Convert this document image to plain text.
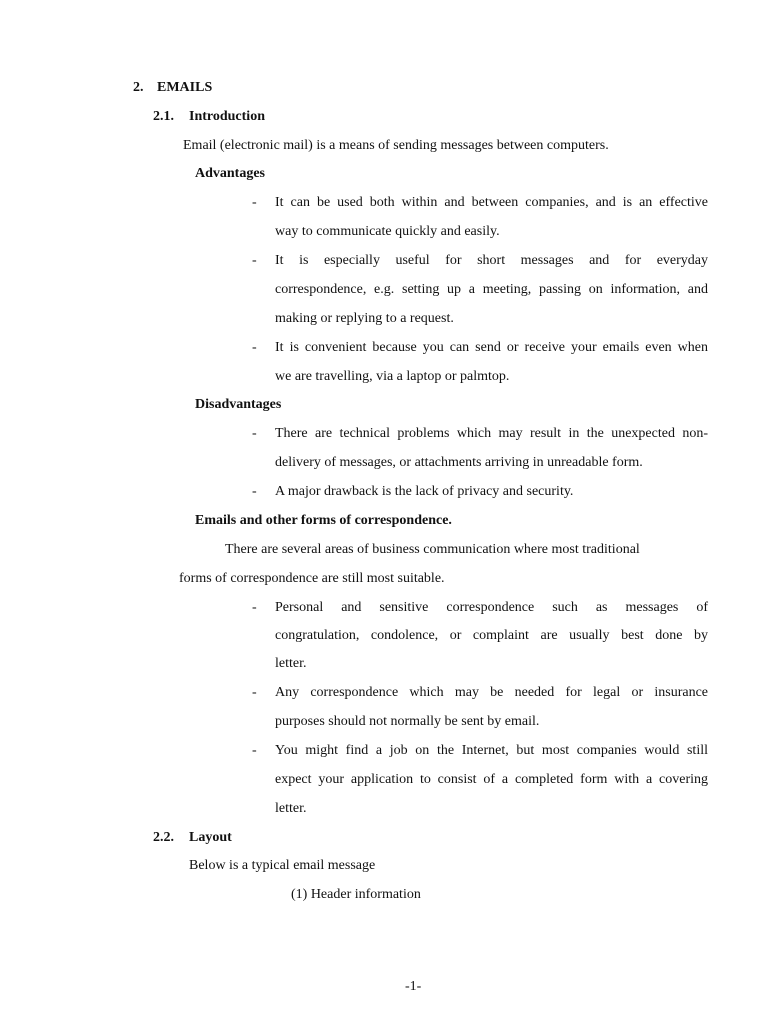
2. EMAILS
2.1. Introduction
Email (electronic mail) is a means of sending messages between computers.
Advantages
- It can be used both within and between companies, and is an effective
way to communicate quickly and easily.
- It is especially useful for short messages and for everyday
correspondence, e.g. setting up a meeting, passing on information, and
making or replying to a request.
- It is convenient because you can send or receive your emails even when
we are travelling, via a laptop or palmtop.
Disadvantages
- There are technical problems which may result in the unexpected non-
delivery of messages, or attachments arriving in unreadable form.
- A major drawback is the lack of privacy and security.
Emails and other forms of correspondence.
There are several areas of business communication where most traditional
forms of correspondence are still most suitable.
- Personal and sensitive correspondence such as messages of
congratulation, condolence, or complaint are usually best done by
letter.
- Any correspondence which may be needed for legal or insurance
purposes should not normally be sent by email.
- You might find a job on the Internet, but most companies would still
expect your application to consist of a completed form with a covering
letter.
2.2. Layout
Below is a typical email message
(1) Header information
-1-
